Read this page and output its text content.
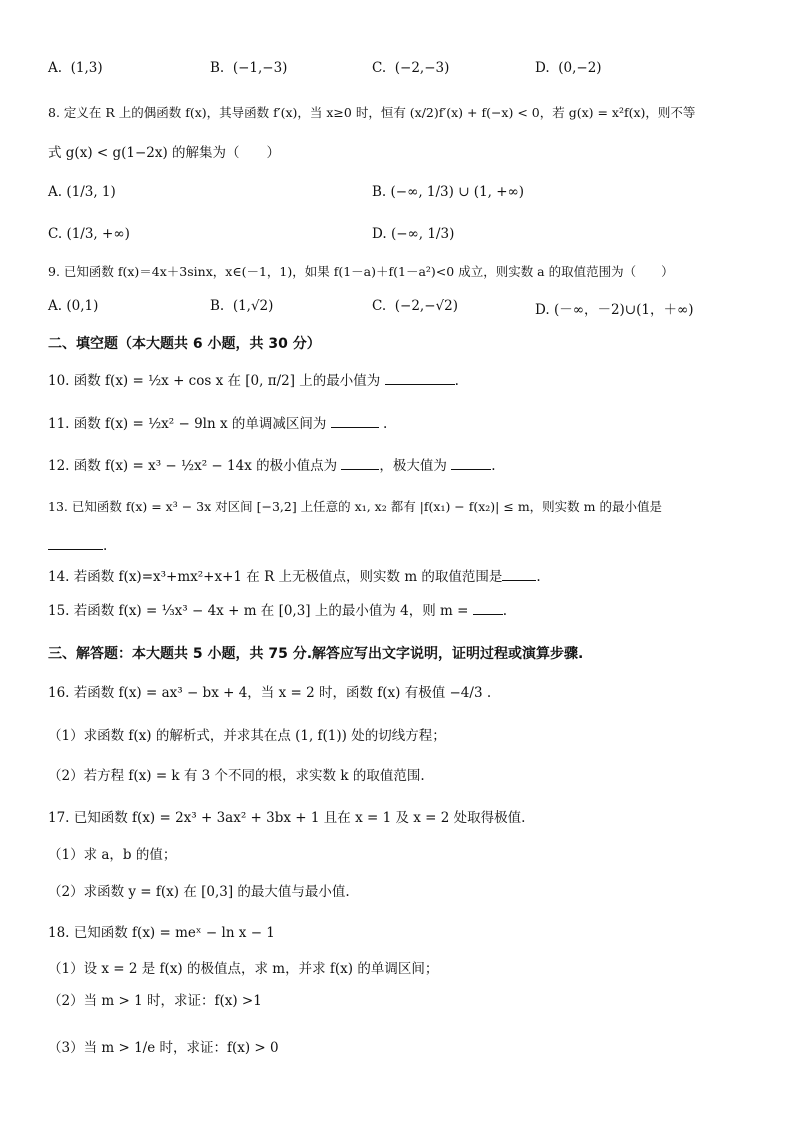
A. (1,3)	B. (−1,−3)	C. (−2,−3)	D. (0,−2)
8. 定义在 R 上的偶函数 f(x)，其导函数 f′(x)，当 x≥0 时，恒有 (x/2)f′(x) + f(−x) < 0，若 g(x) = x²f(x)，则不等
式 g(x) < g(1−2x) 的解集为（　　）
A. (1/3, 1)	B. (−∞, 1/3) ∪ (1, +∞)
C. (1/3, +∞)	D. (−∞, 1/3)
9. 已知函数 f(x)＝4x＋3sinx，x∈(－1，1)，如果 f(1－a)＋f(1－a²)<0 成立，则实数 a 的取值范围为（　　）
A. (0,1)	B. (1,√2)	C. (−2,−√2)	D. (－∞，－2)∪(1，＋∞)
二、填空题（本大题共 6 小题，共 30 分）
10. 函数 f(x) = ½x + cos x 在 [0, π/2] 上的最小值为	.
11. 函数 f(x) = ½x² − 9ln x 的单调减区间为	.
12. 函数 f(x) = x³ − ½x² − 14x 的极小值点为	，极大值为	.
13. 已知函数 f(x) = x³ − 3x 对区间 [−3,2] 上任意的 x₁, x₂ 都有 |f(x₁) − f(x₂)| ≤ m，则实数 m 的最小值是
.
14. 若函数 f(x)=x³+mx²+x+1 在 R 上无极值点，则实数 m 的取值范围是	.
15. 若函数 f(x) = ⅓x³ − 4x + m 在 [0,3] 上的最小值为 4，则 m =	.
三、解答题：本大题共 5 小题，共 75 分.解答应写出文字说明，证明过程或演算步骤.
16. 若函数 f(x) = ax³ − bx + 4，当 x = 2 时，函数 f(x) 有极值 −4/3 .
（1）求函数 f(x) 的解析式，并求其在点 (1, f(1)) 处的切线方程；
（2）若方程 f(x) = k 有 3 个不同的根，求实数 k 的取值范围.
17. 已知函数 f(x) = 2x³ + 3ax² + 3bx + 1 且在 x = 1 及 x = 2 处取得极值.
（1）求 a，b 的值；
（2）求函数 y = f(x) 在 [0,3] 的最大值与最小值.
18. 已知函数 f(x) = meˣ − ln x − 1
（1）设 x = 2 是 f(x) 的极值点，求 m，并求 f(x) 的单调区间；
（2）当 m > 1 时，求证：f(x) >1
（3）当 m > 1/e 时，求证：f(x) > 0
